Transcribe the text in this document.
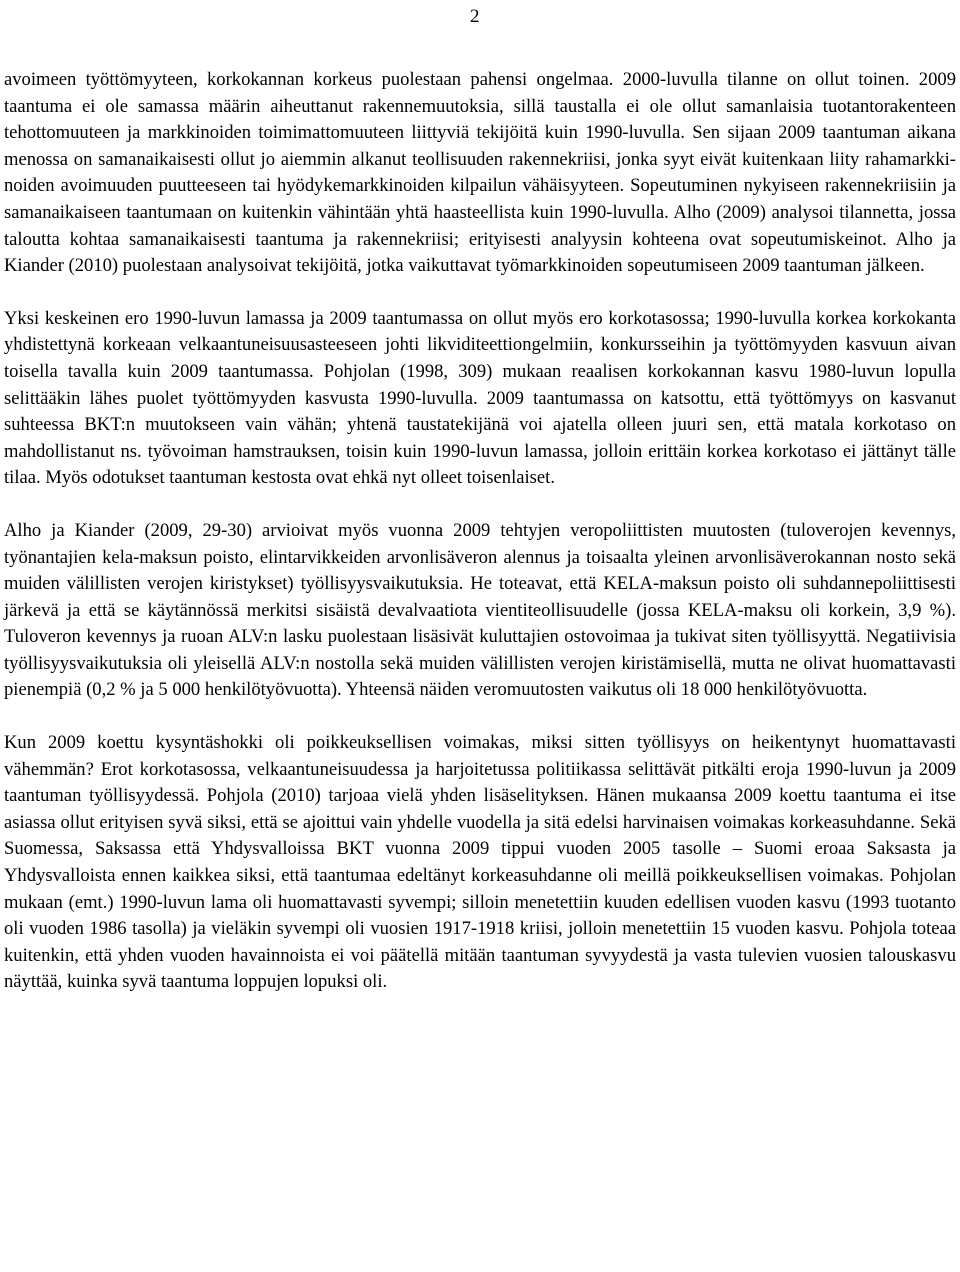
2

avoimeen työttömyyteen, korkokannan korkeus puolestaan pahensi ongelmaa. 2000-luvulla tilanne on ollut toinen. 2009 taantuma ei ole samassa määrin aiheuttanut rakennemuutoksia, sillä taustalla ei ole ollut samanlaisia tuotantorakenteen tehottomuuteen ja markkinoiden toimimattomuuteen liittyviä tekijöitä kuin 1990-luvulla. Sen sijaan 2009 taantuman aikana menossa on samanaikaisesti ollut jo aiemmin alkanut teollisuuden rakennekriisi, jonka syyt eivät kuitenkaan liity rahamarkkinoiden avoimuuden puutteeseen tai hyödykemarkkinoiden kilpailun vähäisyyteen. Sopeutuminen nykyiseen rakennekriisiin ja samanaikaiseen taantumaan on kuitenkin vähintään yhtä haasteellista kuin 1990-luvulla. Alho (2009) analysoi tilannetta, jossa taloutta kohtaa samanaikaisesti taantuma ja rakennekriisi; erityisesti analyysin kohteena ovat sopeutumiskeinot. Alho ja Kiander (2010) puolestaan analysoivat tekijöitä, jotka vaikuttavat työmarkkinoiden sopeutumiseen 2009 taantuman jälkeen.

Yksi keskeinen ero 1990-luvun lamassa ja 2009 taantumassa on ollut myös ero korkotasossa; 1990-luvulla korkea korkokanta yhdistettynä korkeaan velkaantuneisuusasteeseen johti likviditeettiongelmiin, konkursseihin ja työttömyyden kasvuun aivan toisella tavalla kuin 2009 taantumassa. Pohjolan (1998, 309) mukaan reaalisen korkokannan kasvu 1980-luvun lopulla selittääkin lähes puolet työttömyyden kasvusta 1990-luvulla. 2009 taantumassa on katsottu, että työttömyys on kasvanut suhteessa BKT:n muutokseen vain vähän; yhtenä taustatekijänä voi ajatella olleen juuri sen, että matala korkotaso on mahdollistanut ns. työvoiman hamstrauksen, toisin kuin 1990-luvun lamassa, jolloin erittäin korkea korkotaso ei jättänyt tälle tilaa. Myös odotukset taantuman kestosta ovat ehkä nyt olleet toisenlaiset.

Alho ja Kiander (2009, 29-30) arvioivat myös vuonna 2009 tehtyjen veropoliittisten muutosten (tuloverojen kevennys, työnantajien kela-maksun poisto, elintarvikkeiden arvonlisäveron alennus ja toisaalta yleinen arvonlisäverokannan nosto sekä muiden välillisten verojen kiristykset) työllisyysvaikutuksia. He toteavat, että KELA-maksun poisto oli suhdannepoliittisesti järkevä ja että se käytännössä merkitsi sisäistä devalvaatiota vientiteollisuudelle (jossa KELA-maksu oli korkein, 3,9 %). Tuloveron kevennys ja ruoan ALV:n lasku puolestaan lisäsivät kuluttajien ostovoimaa ja tukivat siten työllisyyttä. Negatiivisia työllisyysvaikutuksia oli yleisellä ALV:n nostolla sekä muiden välillisten verojen kiristämisellä, mutta ne olivat huomattavasti pienempiä (0,2 % ja 5 000 henkilötyövuotta). Yhteensä näiden veromuutosten vaikutus oli 18 000 henkilötyövuotta.

Kun 2009 koettu kysyntäshokki oli poikkeuksellisen voimakas, miksi sitten työllisyys on heikentynyt huomattavasti vähemmän? Erot korkotasossa, velkaantuneisuudessa ja harjoitetussa politiikassa selittävät pitkälti eroja 1990-luvun ja 2009 taantuman työllisyydessä. Pohjola (2010) tarjoaa vielä yhden lisäselityksen. Hänen mukaansa 2009 koettu taantuma ei itse asiassa ollut erityisen syvä siksi, että se ajoittui vain yhdelle vuodella ja sitä edelsi harvinaisen voimakas korkeasuhdanne. Sekä Suomessa, Saksassa että Yhdysvalloissa BKT vuonna 2009 tippui vuoden 2005 tasolle – Suomi eroaa Saksasta ja Yhdysvalloista ennen kaikkea siksi, että taantumaa edeltänyt korkeasuhdanne oli meillä poikkeuksellisen voimakas. Pohjolan mukaan (emt.) 1990-luvun lama oli huomattavasti syvempi; silloin menetettiin kuuden edellisen vuoden kasvu (1993 tuotanto oli vuoden 1986 tasolla) ja vieläkin syvempi oli vuosien 1917-1918 kriisi, jolloin menetettiin 15 vuoden kasvu. Pohjola toteaa kuitenkin, että yhden vuoden havainnoista ei voi päätellä mitään taantuman syvyydestä ja vasta tulevien vuosien talouskasvu näyttää, kuinka syvä taantuma loppujen lopuksi oli.
